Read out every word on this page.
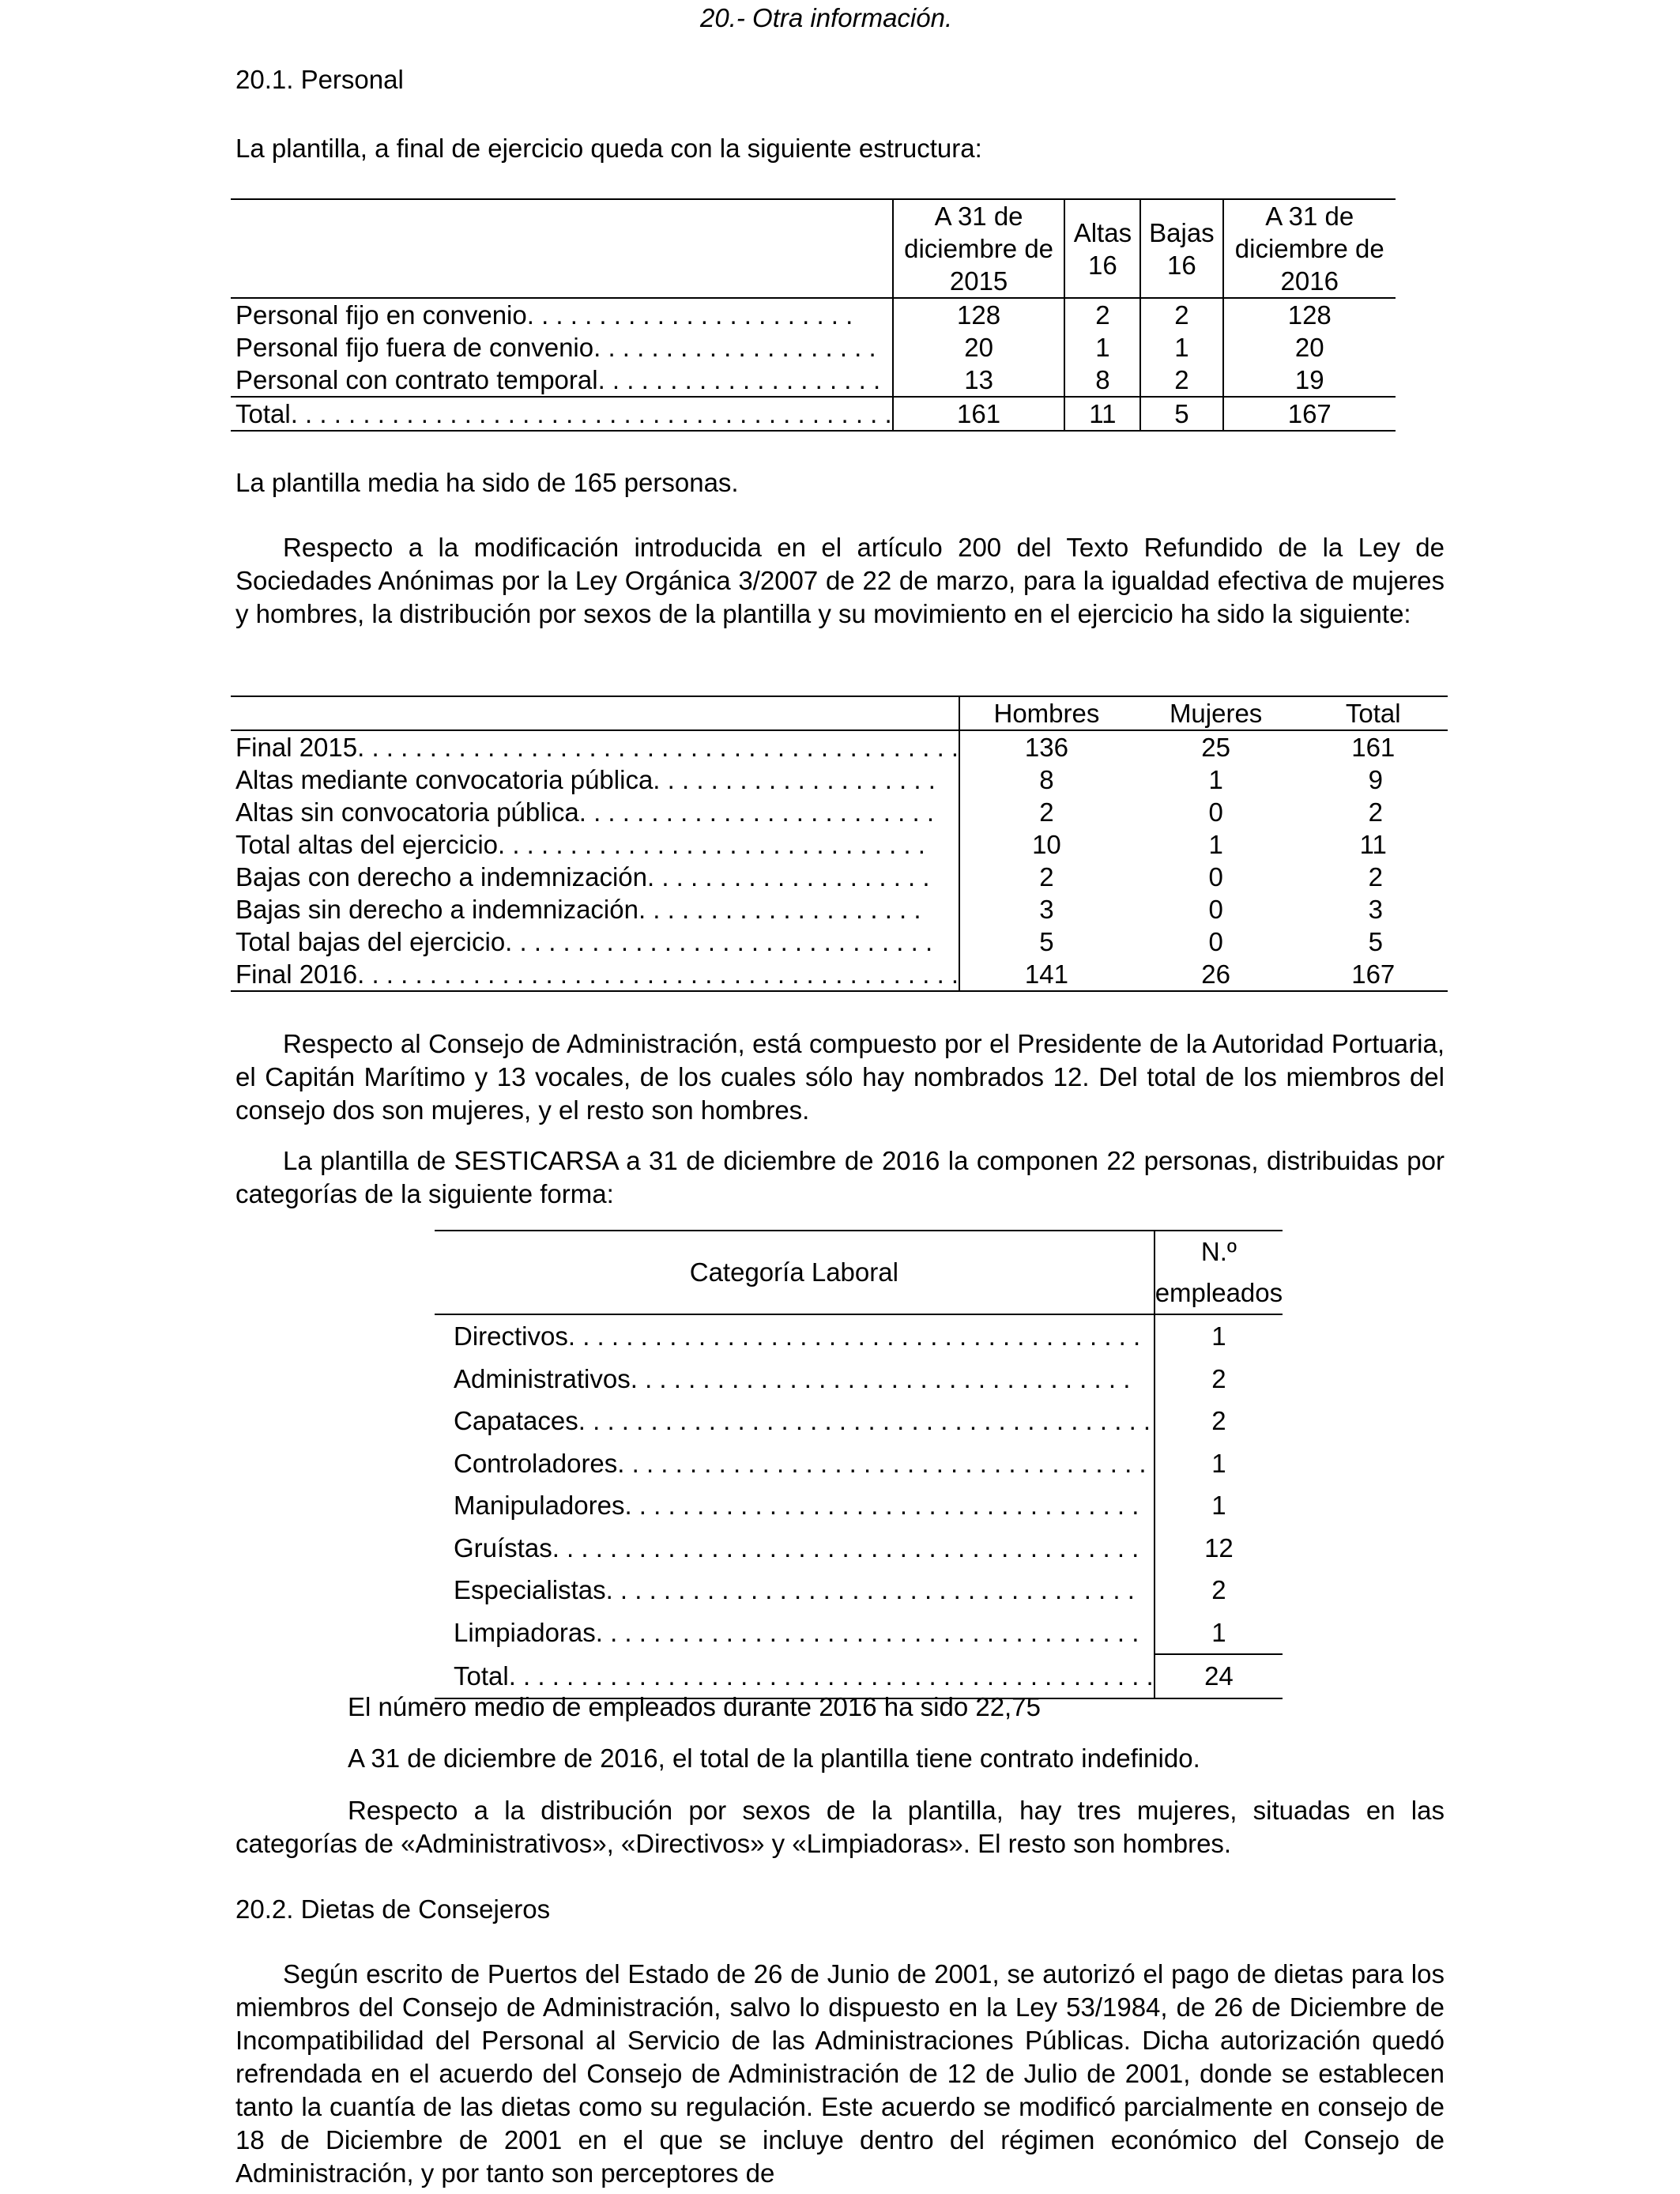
20.- Otra información.
20.1. Personal
La plantilla, a final de ejercicio queda con la siguiente estructura:
	A 31 de diciembre de 2015	Altas 16	Bajas 16	A 31 de diciembre de 2016
Personal fijo en convenio. . . . . . . . . . . . . . . . . . . . . . .	128	2	2	128
Personal fijo fuera de convenio. . . . . . . . . . . . . . . . . . . .	20	1	1	20
Personal con contrato temporal. . . . . . . . . . . . . . . . . . . .	13	8	2	19
Total. . . . . . . . . . . . . . . . . . . . . . . . . . . . . . . . . . . . . . . . . .	161	11	5	167
La plantilla media ha sido de 165 personas.
Respecto a la modificación introducida en el artículo 200 del Texto Refundido de la Ley de Sociedades Anónimas por la Ley Orgánica 3/2007 de 22 de marzo, para la igualdad efectiva de mujeres y hombres, la distribución por sexos de la plantilla y su movimiento en el ejercicio ha sido la siguiente:
	Hombres	Mujeres	Total
Final 2015. . . . . . . . . . . . . . . . . . . . . . . . . . . . . . . . . . . . . . . . . .	136	25	161
Altas mediante convocatoria pública. . . . . . . . . . . . . . . . . . . .	8	1	9
Altas sin convocatoria pública. . . . . . . . . . . . . . . . . . . . . . . . .	2	0	2
Total altas del ejercicio. . . . . . . . . . . . . . . . . . . . . . . . . . . . . .	10	1	11
Bajas con derecho a indemnización. . . . . . . . . . . . . . . . . . . .	2	0	2
Bajas sin derecho a indemnización. . . . . . . . . . . . . . . . . . . .	3	0	3
Total bajas del ejercicio. . . . . . . . . . . . . . . . . . . . . . . . . . . . . .	5	0	5
Final 2016. . . . . . . . . . . . . . . . . . . . . . . . . . . . . . . . . . . . . . . . . .	141	26	167
Respecto al Consejo de Administración, está compuesto por el Presidente de la Autoridad Portuaria, el Capitán Marítimo y 13 vocales, de los cuales sólo hay nombrados 12. Del total de los miembros del consejo dos son mujeres, y el resto son hombres.
La plantilla de SESTICARSA a 31 de diciembre de 2016 la componen 22 personas, distribuidas por categorías de la siguiente forma:
Categoría Laboral	N.º empleados
Directivos. . . . . . . . . . . . . . . . . . . . . . . . . . . . . . . . . . . . . . . .	1
Administrativos. . . . . . . . . . . . . . . . . . . . . . . . . . . . . . . . . . .	2
Capataces. . . . . . . . . . . . . . . . . . . . . . . . . . . . . . . . . . . . . . . .	2
Controladores. . . . . . . . . . . . . . . . . . . . . . . . . . . . . . . . . . . . .	1
Manipuladores. . . . . . . . . . . . . . . . . . . . . . . . . . . . . . . . . . . .	1
Gruístas. . . . . . . . . . . . . . . . . . . . . . . . . . . . . . . . . . . . . . . . .	12
Especialistas. . . . . . . . . . . . . . . . . . . . . . . . . . . . . . . . . . . . .	2
Limpiadoras. . . . . . . . . . . . . . . . . . . . . . . . . . . . . . . . . . . . . .	1
Total. . . . . . . . . . . . . . . . . . . . . . . . . . . . . . . . . . . . . . . . . . . . .	24
El número medio de empleados durante 2016 ha sido 22,75
A 31 de diciembre de 2016, el total de la plantilla tiene contrato indefinido.
Respecto a la distribución por sexos de la plantilla, hay tres mujeres, situadas en las categorías de «Administrativos», «Directivos» y «Limpiadoras». El resto son hombres.
20.2. Dietas de Consejeros
Según escrito de Puertos del Estado de 26 de Junio de 2001, se autorizó el pago de dietas para los miembros del Consejo de Administración, salvo lo dispuesto en la Ley 53/1984, de 26 de Diciembre de Incompatibilidad del Personal al Servicio de las Administraciones Públicas. Dicha autorización quedó refrendada en el acuerdo del Consejo de Administración de 12 de Julio de 2001, donde se establecen tanto la cuantía de las dietas como su regulación. Este acuerdo se modificó parcialmente en consejo de 18 de Diciembre de 2001 en el que se incluye dentro del régimen económico del Consejo de Administración, y por tanto son perceptores de
